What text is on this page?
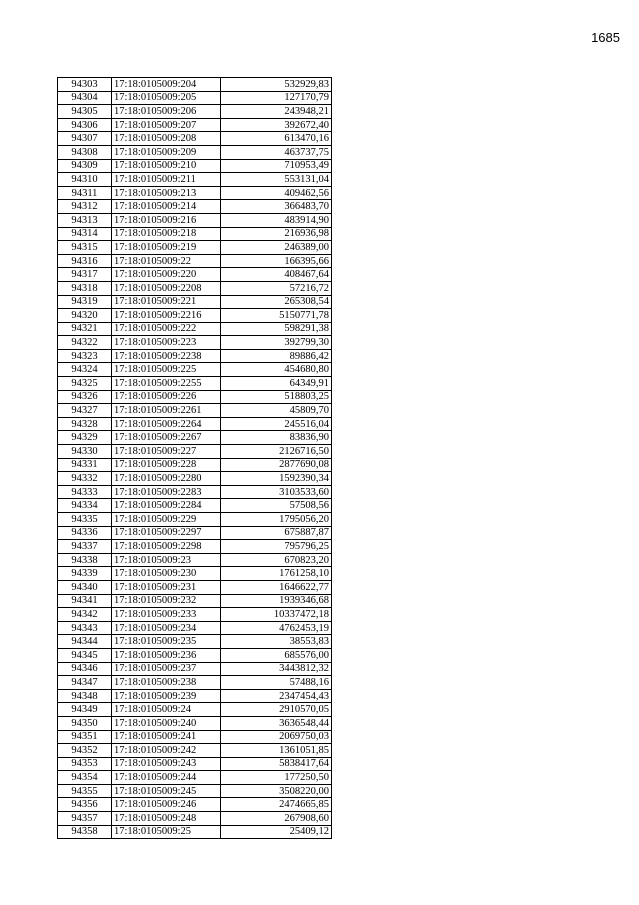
1685
94303	17:18:0105009:204	532929,83
94304	17:18:0105009:205	127170,79
94305	17:18:0105009:206	243948,21
94306	17:18:0105009:207	392672,40
94307	17:18:0105009:208	613470,16
94308	17:18:0105009:209	463737,75
94309	17:18:0105009:210	710953,49
94310	17:18:0105009:211	553131,04
94311	17:18:0105009:213	409462,56
94312	17:18:0105009:214	366483,70
94313	17:18:0105009:216	483914,90
94314	17:18:0105009:218	216936,98
94315	17:18:0105009:219	246389,00
94316	17:18:0105009:22	166395,66
94317	17:18:0105009:220	408467,64
94318	17:18:0105009:2208	57216,72
94319	17:18:0105009:221	265308,54
94320	17:18:0105009:2216	5150771,78
94321	17:18:0105009:222	598291,38
94322	17:18:0105009:223	392799,30
94323	17:18:0105009:2238	89886,42
94324	17:18:0105009:225	454680,80
94325	17:18:0105009:2255	64349,91
94326	17:18:0105009:226	518803,25
94327	17:18:0105009:2261	45809,70
94328	17:18:0105009:2264	245516,04
94329	17:18:0105009:2267	83836,90
94330	17:18:0105009:227	2126716,50
94331	17:18:0105009:228	2877690,08
94332	17:18:0105009:2280	1592390,34
94333	17:18:0105009:2283	3103533,60
94334	17:18:0105009:2284	57508,56
94335	17:18:0105009:229	1795056,20
94336	17:18:0105009:2297	675887,87
94337	17:18:0105009:2298	795796,25
94338	17:18:0105009:23	670823,20
94339	17:18:0105009:230	1761258,10
94340	17:18:0105009:231	1646622,77
94341	17:18:0105009:232	1939346,68
94342	17:18:0105009:233	10337472,18
94343	17:18:0105009:234	4762453,19
94344	17:18:0105009:235	38553,83
94345	17:18:0105009:236	685576,00
94346	17:18:0105009:237	3443812,32
94347	17:18:0105009:238	57488,16
94348	17:18:0105009:239	2347454,43
94349	17:18:0105009:24	2910570,05
94350	17:18:0105009:240	3636548,44
94351	17:18:0105009:241	2069750,03
94352	17:18:0105009:242	1361051,85
94353	17:18:0105009:243	5838417,64
94354	17:18:0105009:244	177250,50
94355	17:18:0105009:245	3508220,00
94356	17:18:0105009:246	2474665,85
94357	17:18:0105009:248	267908,60
94358	17:18:0105009:25	25409,12
